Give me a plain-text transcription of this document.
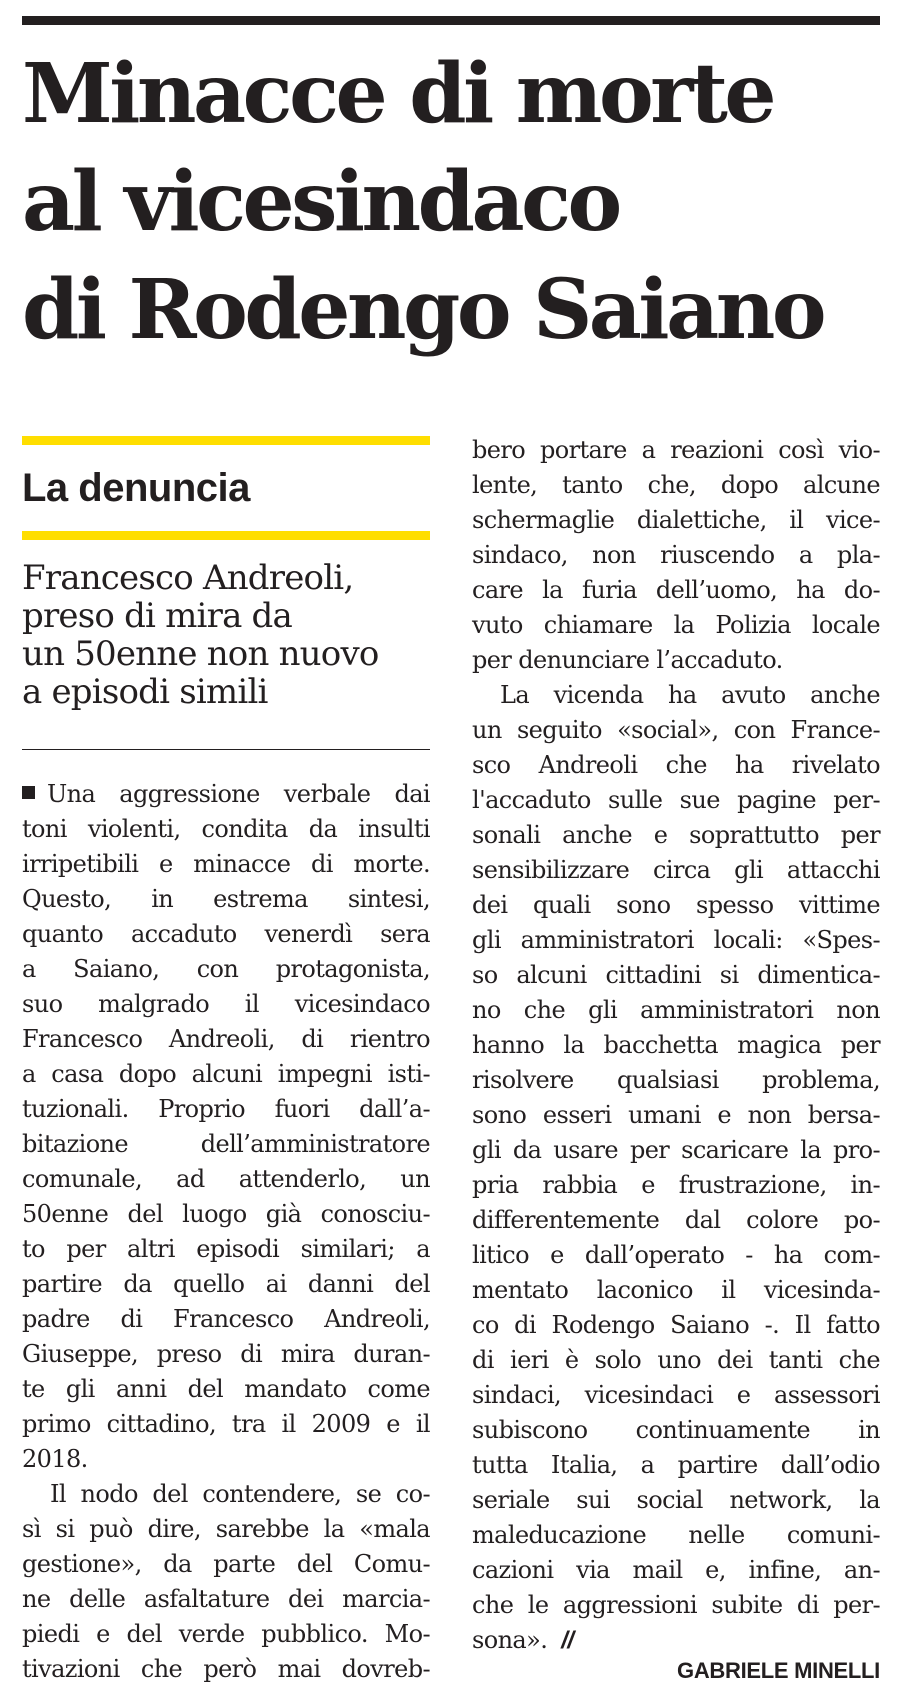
Minacce di morte
al vicesindaco
di Rodengo Saiano
La denuncia
Francesco Andreoli,
preso di mira da
un 50enne non nuovo
a episodi simili
Una aggressione verbale dai
toni violenti, condita da insulti
irripetibili e minacce di morte.
Questo, in estrema sintesi,
quanto accaduto venerdì sera
a Saiano, con protagonista,
suo malgrado il vicesindaco
Francesco Andreoli, di rientro
a casa dopo alcuni impegni isti-
tuzionali. Proprio fuori dall’a-
bitazione dell’amministratore
comunale, ad attenderlo, un
50enne del luogo già conosciu-
to per altri episodi similari; a
partire da quello ai danni del
padre di Francesco Andreoli,
Giuseppe, preso di mira duran-
te gli anni del mandato come
primo cittadino, tra il 2009 e il
2018.
Il nodo del contendere, se co-
sì si può dire, sarebbe la «mala
gestione», da parte del Comu-
ne delle asfaltature dei marcia-
piedi e del verde pubblico. Mo-
tivazioni che però mai dovreb-
bero portare a reazioni così vio-
lente, tanto che, dopo alcune
schermaglie dialettiche, il vice-
sindaco, non riuscendo a pla-
care la furia dell’uomo, ha do-
vuto chiamare la Polizia locale
per denunciare l’accaduto.
La vicenda ha avuto anche
un seguito «social», con France-
sco Andreoli che ha rivelato
l'accaduto sulle sue pagine per-
sonali anche e soprattutto per
sensibilizzare circa gli attacchi
dei quali sono spesso vittime
gli amministratori locali: «Spes-
so alcuni cittadini si dimentica-
no che gli amministratori non
hanno la bacchetta magica per
risolvere qualsiasi problema,
sono esseri umani e non bersa-
gli da usare per scaricare la pro-
pria rabbia e frustrazione, in-
differentemente dal colore po-
litico e dall’operato - ha com-
mentato laconico il vicesinda-
co di Rodengo Saiano -. Il fatto
di ieri è solo uno dei tanti che
sindaci, vicesindaci e assessori
subiscono continuamente in
tutta Italia, a partire dall’odio
seriale sui social network, la
maleducazione nelle comuni-
cazioni via mail e, infine, an-
che le aggressioni subite di per-
sona». //
GABRIELE MINELLI
